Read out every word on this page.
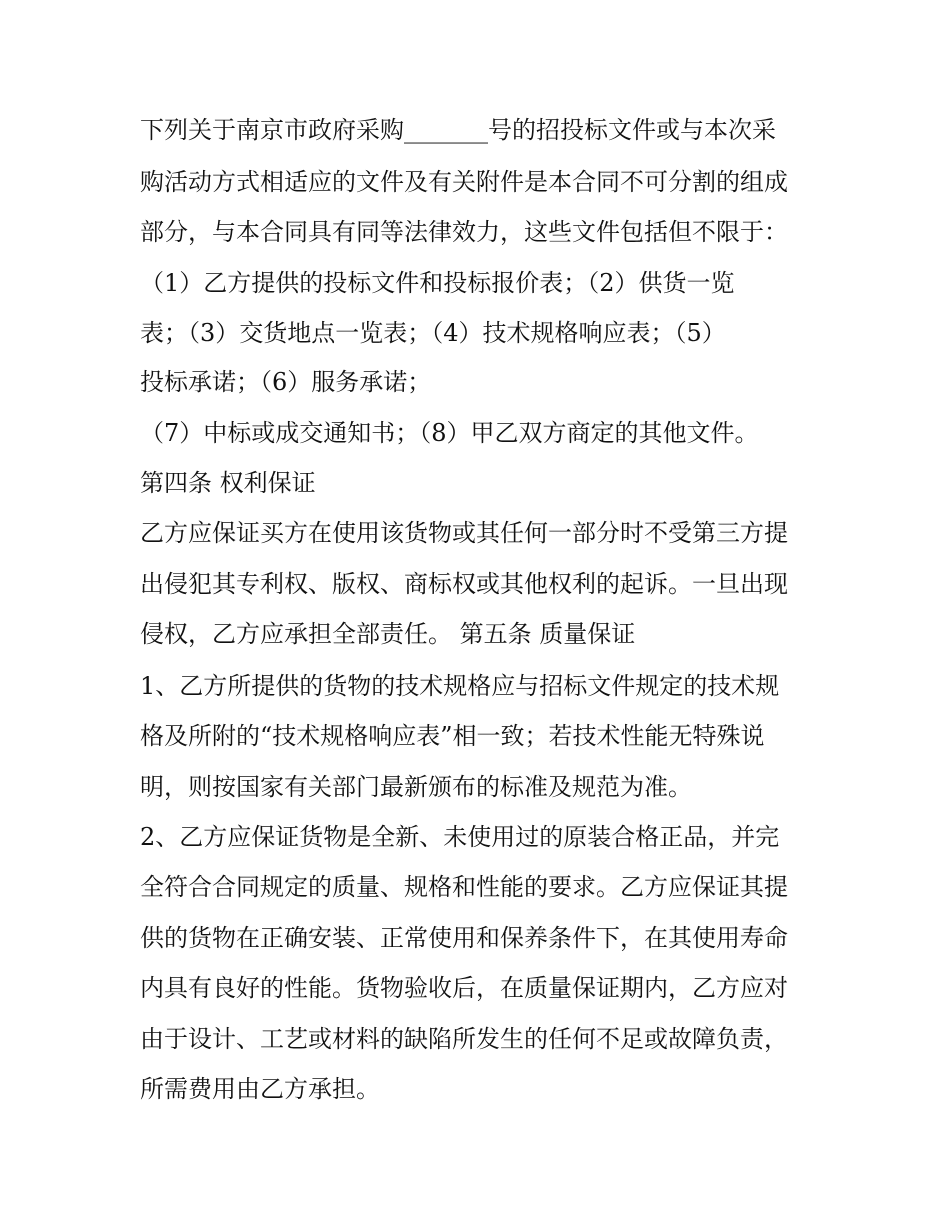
下列关于南京市政府采购_______号的招投标文件或与本次采
购活动方式相适应的文件及有关附件是本合同不可分割的组成
部分，与本合同具有同等法律效力，这些文件包括但不限于：
（1）乙方提供的投标文件和投标报价表；（2）供货一览
表；（3）交货地点一览表；（4）技术规格响应表；（5）
投标承诺；（6）服务承诺；
（7）中标或成交通知书；（8）甲乙双方商定的其他文件。
第四条 权利保证
乙方应保证买方在使用该货物或其任何一部分时不受第三方提
出侵犯其专利权、版权、商标权或其他权利的起诉。一旦出现
侵权，乙方应承担全部责任。 第五条 质量保证
1、乙方所提供的货物的技术规格应与招标文件规定的技术规
格及所附的“技术规格响应表”相一致；若技术性能无特殊说
明，则按国家有关部门最新颁布的标准及规范为准。
2、乙方应保证货物是全新、未使用过的原装合格正品，并完
全符合合同规定的质量、规格和性能的要求。乙方应保证其提
供的货物在正确安装、正常使用和保养条件下，在其使用寿命
内具有良好的性能。货物验收后，在质量保证期内，乙方应对
由于设计、工艺或材料的缺陷所发生的任何不足或故障负责，
所需费用由乙方承担。
